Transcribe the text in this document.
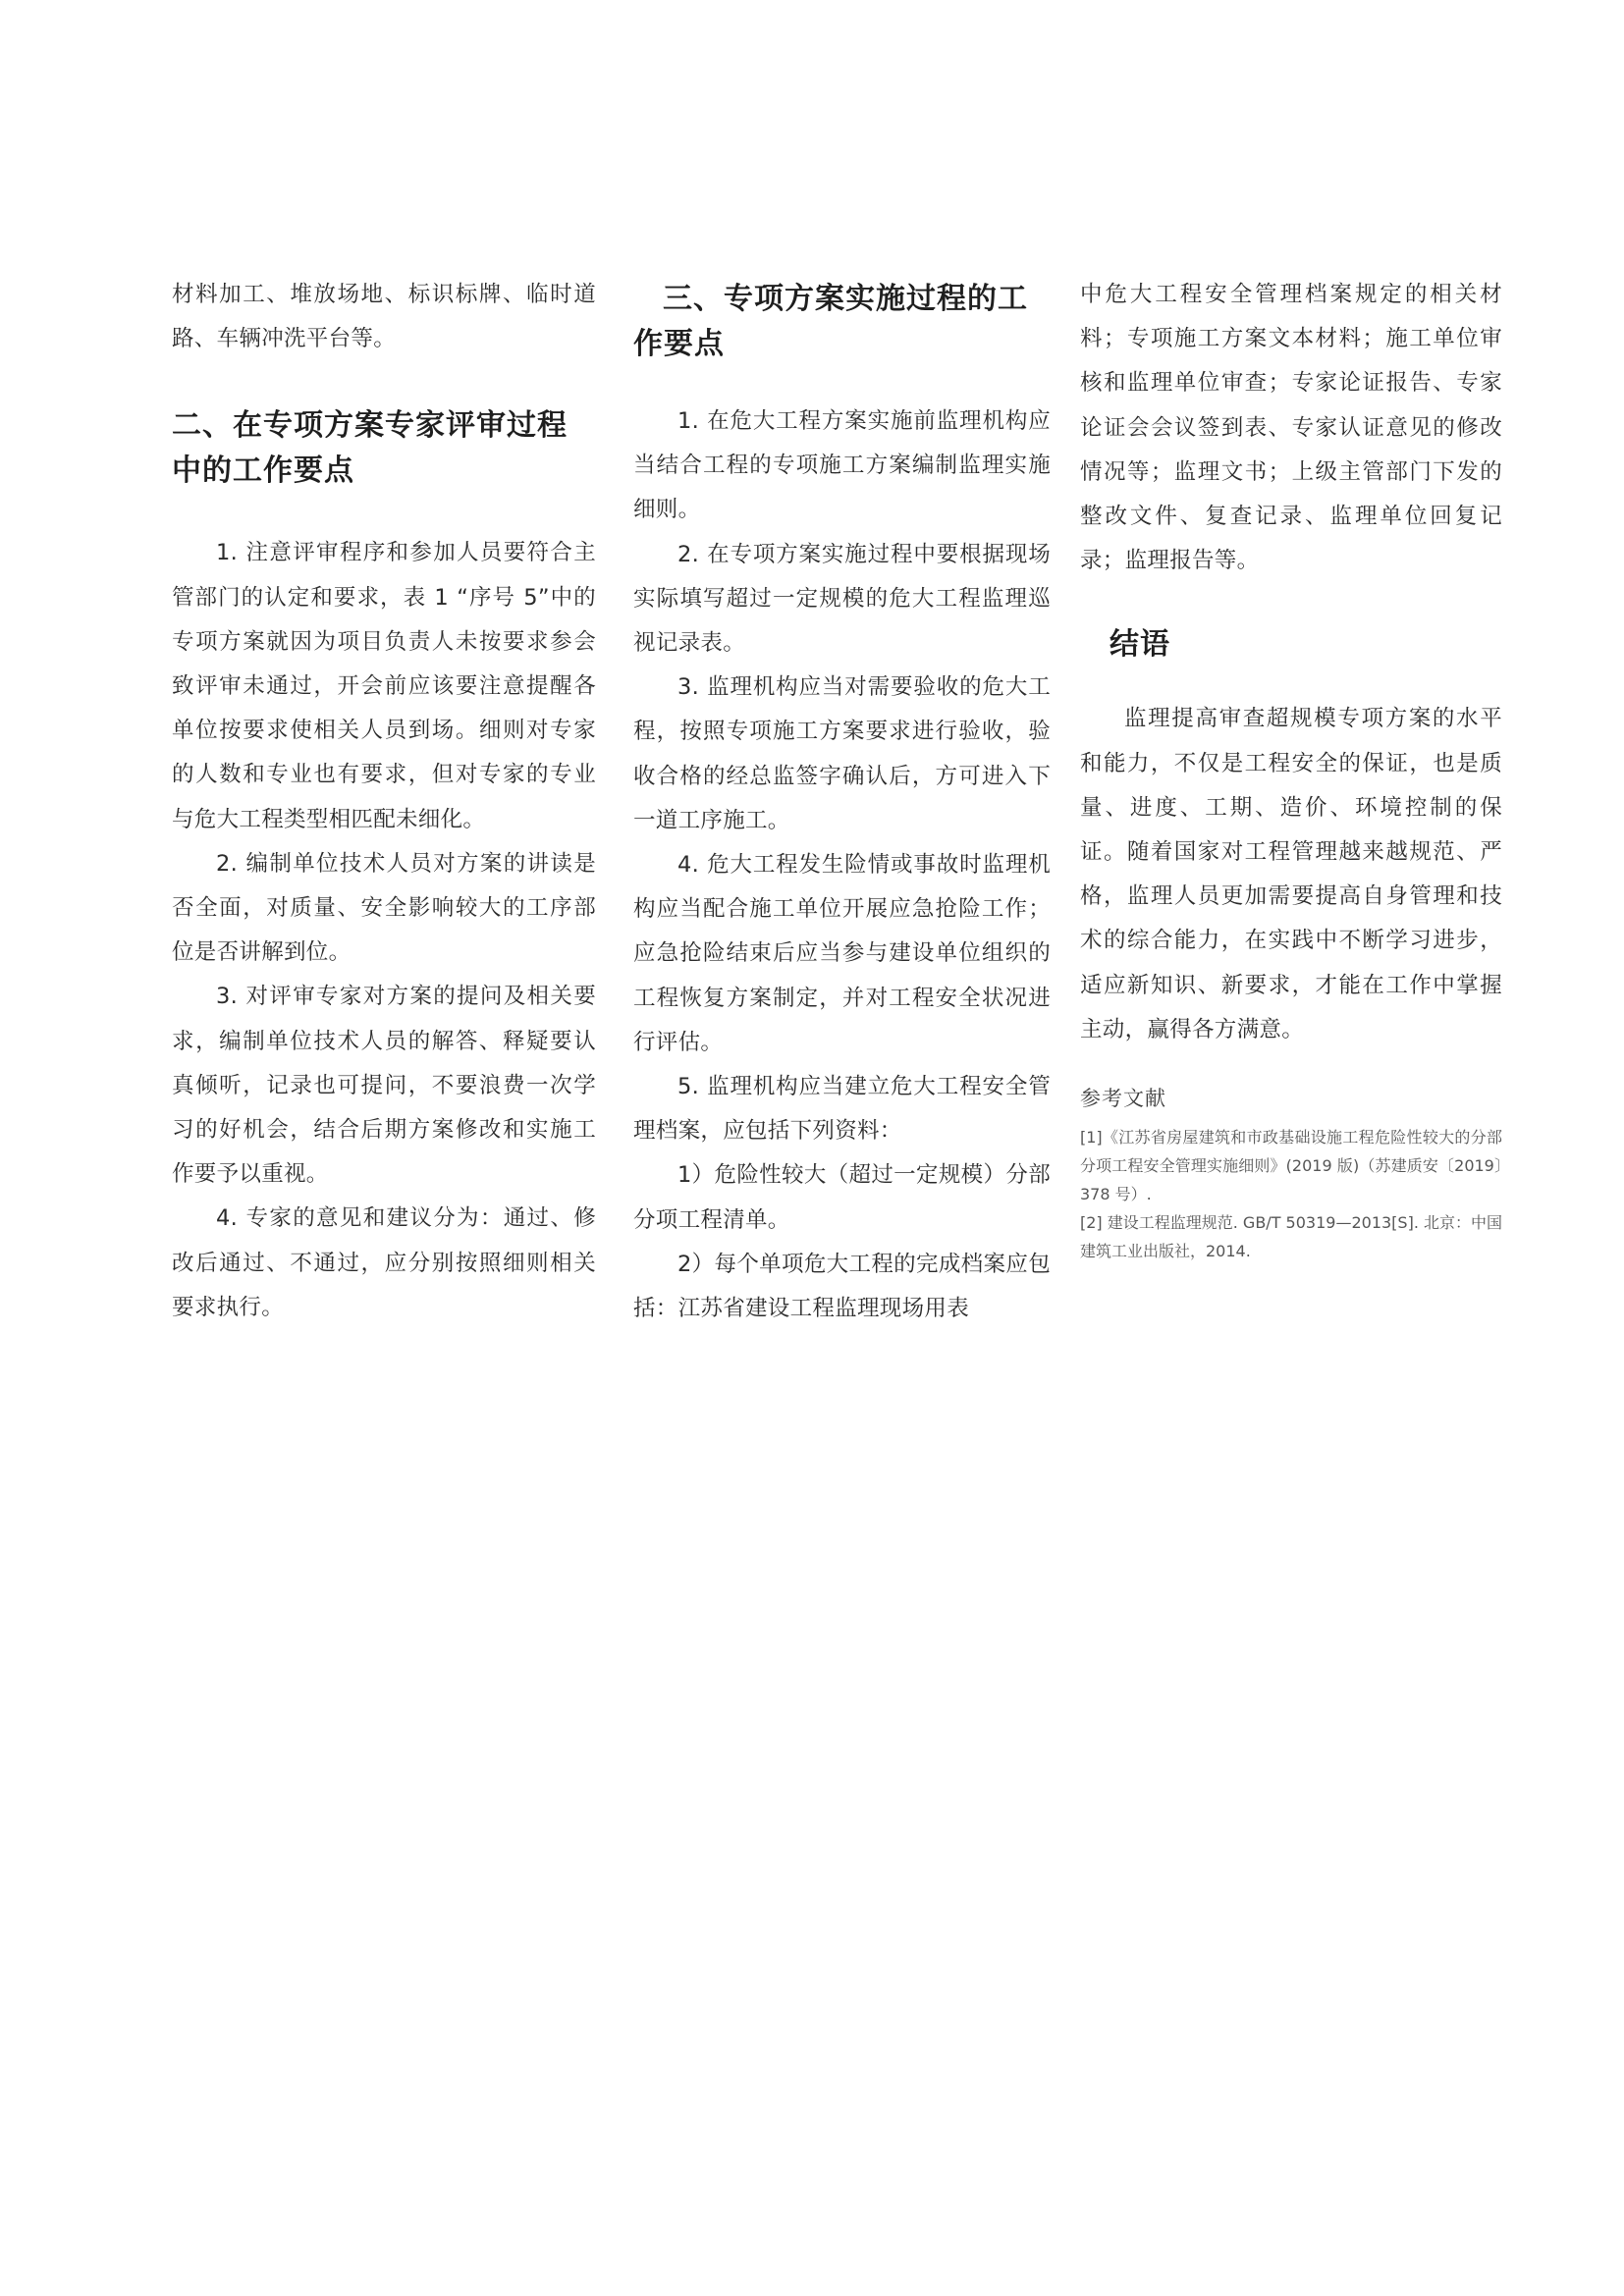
材料加工、堆放场地、标识标牌、临时道路、车辆冲洗平台等。

二、在专项方案专家评审过程中的工作要点

1. 注意评审程序和参加人员要符合主管部门的认定和要求，表 1 “序号 5”中的专项方案就因为项目负责人未按要求参会致评审未通过，开会前应该要注意提醒各单位按要求使相关人员到场。细则对专家的人数和专业也有要求，但对专家的专业与危大工程类型相匹配未细化。

2. 编制单位技术人员对方案的讲读是否全面，对质量、安全影响较大的工序部位是否讲解到位。

3. 对评审专家对方案的提问及相关要求，编制单位技术人员的解答、释疑要认真倾听，记录也可提问，不要浪费一次学习的好机会，结合后期方案修改和实施工作要予以重视。

4. 专家的意见和建议分为：通过、修改后通过、不通过，应分别按照细则相关要求执行。

三、专项方案实施过程的工作要点

1. 在危大工程方案实施前监理机构应当结合工程的专项施工方案编制监理实施细则。

2. 在专项方案实施过程中要根据现场实际填写超过一定规模的危大工程监理巡视记录表。

3. 监理机构应当对需要验收的危大工程，按照专项施工方案要求进行验收，验收合格的经总监签字确认后，方可进入下一道工序施工。

4. 危大工程发生险情或事故时监理机构应当配合施工单位开展应急抢险工作；应急抢险结束后应当参与建设单位组织的工程恢复方案制定，并对工程安全状况进行评估。

5. 监理机构应当建立危大工程安全管理档案，应包括下列资料：

1）危险性较大（超过一定规模）分部分项工程清单。

2）每个单项危大工程的完成档案应包括：江苏省建设工程监理现场用表

中危大工程安全管理档案规定的相关材料；专项施工方案文本材料；施工单位审核和监理单位审查；专家论证报告、专家论证会会议签到表、专家认证意见的修改情况等；监理文书；上级主管部门下发的整改文件、复查记录、监理单位回复记录；监理报告等。

结语

监理提高审查超规模专项方案的水平和能力，不仅是工程安全的保证，也是质量、进度、工期、造价、环境控制的保证。随着国家对工程管理越来越规范、严格，监理人员更加需要提高自身管理和技术的综合能力，在实践中不断学习进步，适应新知识、新要求，才能在工作中掌握主动，赢得各方满意。

参考文献

[1]《江苏省房屋建筑和市政基础设施工程危险性较大的分部分项工程安全管理实施细则》(2019 版)（苏建质安〔2019〕378 号）.

[2] 建设工程监理规范. GB/T 50319—2013[S]. 北京：中国建筑工业出版社，2014.
